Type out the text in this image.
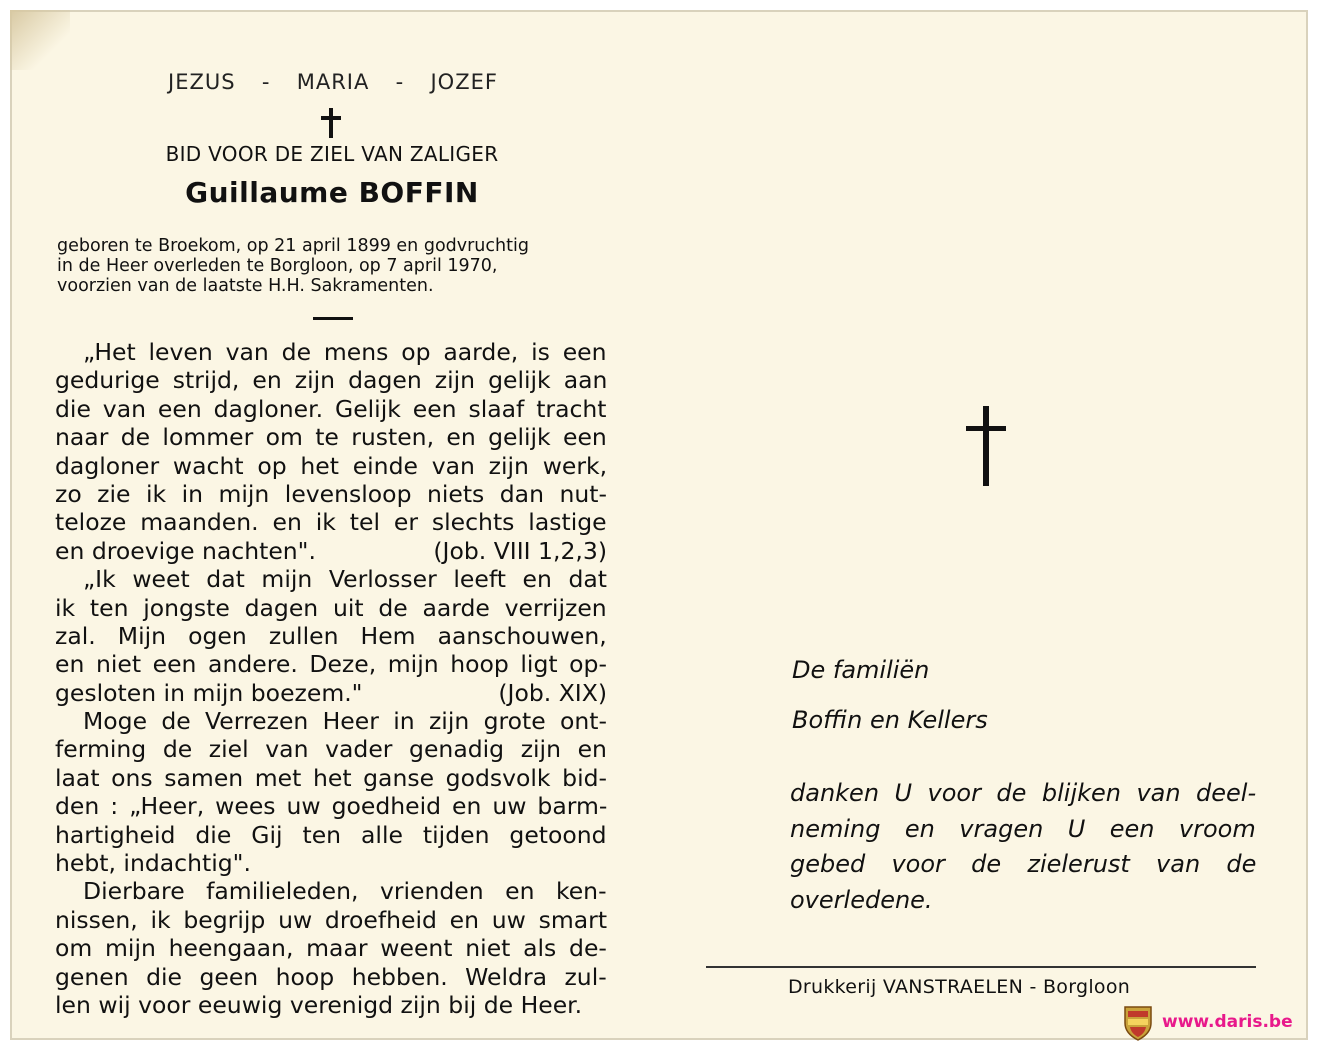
JEZUS - MARIA - JOZEF
BID VOOR DE ZIEL VAN ZALIGER
Guillaume BOFFIN
geboren te Broekom, op 21 april 1899 en godvruchtig
in de Heer overleden te Borgloon, op 7 april 1970,
voorzien van de laatste H.H. Sakramenten.
„Het leven van de mens op aarde, is een
gedurige strijd, en zijn dagen zijn gelijk aan
die van een dagloner. Gelijk een slaaf tracht
naar de lommer om te rusten, en gelijk een
dagloner wacht op het einde van zijn werk,
zo zie ik in mijn levensloop niets dan nut-
teloze maanden. en ik tel er slechts lastige
en droevige nachten".	(Job. VIII 1,2,3)
„Ik weet dat mijn Verlosser leeft en dat
ik ten jongste dagen uit de aarde verrijzen
zal. Mijn ogen zullen Hem aanschouwen,
en niet een andere. Deze, mijn hoop ligt op-
gesloten in mijn boezem."	(Job. XIX)
Moge de Verrezen Heer in zijn grote ont-
ferming de ziel van vader genadig zijn en
laat ons samen met het ganse godsvolk bid-
den : „Heer, wees uw goedheid en uw barm-
hartigheid die Gij ten alle tijden getoond
hebt, indachtig".
Dierbare familieleden, vrienden en ken-
nissen, ik begrijp uw droefheid en uw smart
om mijn heengaan, maar weent niet als de-
genen die geen hoop hebben. Weldra zul-
len wij voor eeuwig verenigd zijn bij de Heer.
De familiën
Boffin en Kellers
danken U voor de blijken van deel-neming en vragen U een vroomgebed voor de zielerust van de
overledene.
Drukkerij VANSTRAELEN - Borgloon
www.daris.be
